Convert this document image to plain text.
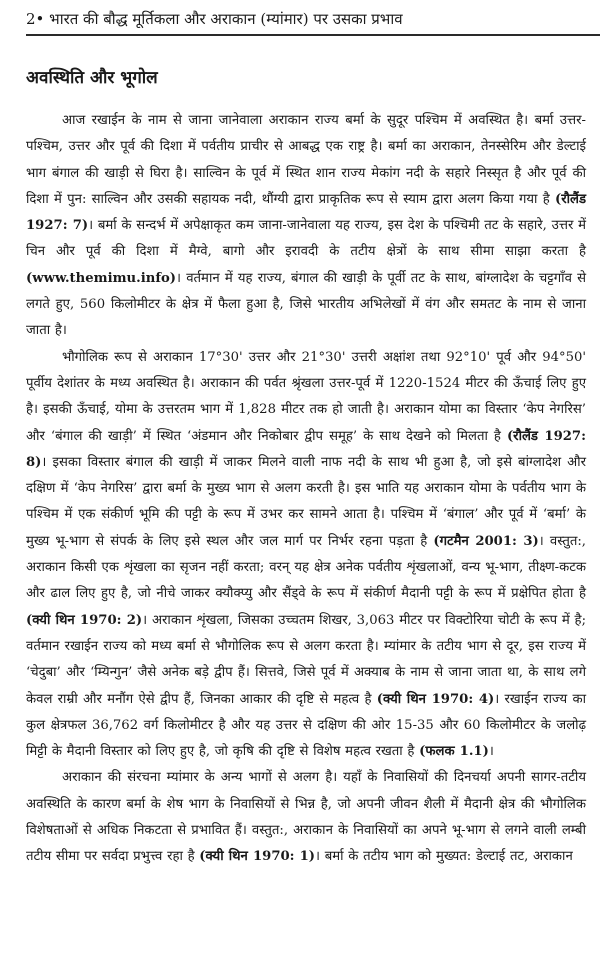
2• भारत की बौद्ध मूर्तिकला और अराकान (म्यांमार) पर उसका प्रभाव
अवस्थिति और भूगोल

आज रखाईन के नाम से जाना जानेवाला अराकान राज्य बर्मा के सुदूर पश्चिम में अवस्थित है। बर्मा उत्तर-पश्चिम, उत्तर और पूर्व की दिशा में पर्वतीय प्राचीर से आबद्ध एक राष्ट्र है। बर्मा का अराकान, तेनस्सेरिम और डेल्टाई भाग बंगाल की खाड़ी से घिरा है। साल्विन के पूर्व में स्थित शान राज्य मेकांग नदी के सहारे निस्सृत है और पूर्व की दिशा में पुन: साल्विन और उसकी सहायक नदी, थौंग्यी द्वारा प्राकृतिक रूप से स्याम द्वारा अलग किया गया है (रौलैंड 1927: 7)। बर्मा के सन्दर्भ में अपेक्षाकृत कम जाना-जानेवाला यह राज्य, इस देश के पश्चिमी तट के सहारे, उत्तर में चिन और पूर्व की दिशा में मैग्वे, बागो और इरावदी के तटीय क्षेत्रों के साथ सीमा साझा करता है (www.themimu.info)। वर्तमान में यह राज्य, बंगाल की खाड़ी के पूर्वी तट के साथ, बांग्लादेश के चट्टगाँव से लगते हुए, 560 किलोमीटर के क्षेत्र में फैला हुआ है, जिसे भारतीय अभिलेखों में वंग और समतट के नाम से जाना जाता है।

भौगोलिक रूप से अराकान 17°30' उत्तर और 21°30' उत्तरी अक्षांश तथा 92°10' पूर्व और 94°50' पूर्वीय देशांतर के मध्य अवस्थित है। अराकान की पर्वत श्रृंखला उत्तर-पूर्व में 1220-1524 मीटर की ऊँचाई लिए हुए है। इसकी ऊँचाई, योमा के उत्तरतम भाग में 1,828 मीटर तक हो जाती है। अराकान योमा का विस्तार ‘केप नेगरिस’ और ‘बंगाल की खाड़ी’ में स्थित ‘अंडमान और निकोबार द्वीप समूह’ के साथ देखने को मिलता है (रौलैंड 1927: 8)। इसका विस्तार बंगाल की खाड़ी में जाकर मिलने वाली नाफ नदी के साथ भी हुआ है, जो इसे बांग्लादेश और दक्षिण में ‘केप नेगरिस’ द्वारा बर्मा के मुख्य भाग से अलग करती है। इस भाति यह अराकान योमा के पर्वतीय भाग के पश्चिम में एक संकीर्ण भूमि की पट्टी के रूप में उभर कर सामने आता है। पश्चिम में ‘बंगाल’ और पूर्व में ‘बर्मा’ के मुख्य भू-भाग से संपर्क के लिए इसे स्थल और जल मार्ग पर निर्भर रहना पड़ता है (गटमैन 2001: 3)। वस्तुत:, अराकान किसी एक शृंखला का सृजन नहीं करता; वरन् यह क्षेत्र अनेक पर्वतीय शृंखलाओं, वन्य भू-भाग, तीक्ष्ण-कटक और ढाल लिए हुए है, जो नीचे जाकर क्यौक्प्यु और सैंड्वे के रूप में संकीर्ण मैदानी पट्टी के रूप में प्रक्षेपित होता है (क्यी थिन 1970: 2)। अराकान शृंखला, जिसका उच्चतम शिखर, 3,063 मीटर पर विक्टोरिया चोटी के रूप में है; वर्तमान रखाईन राज्य को मध्य बर्मा से भौगोलिक रूप से अलग करता है। म्यांमार के तटीय भाग से दूर, इस राज्य में ‘चेदुबा’ और ‘म्यिन्गुन’ जैसे अनेक बड़े द्वीप हैं। सित्तवे, जिसे पूर्व में अक्याब के नाम से जाना जाता था, के साथ लगे केवल राम्री और मनौंग ऐसे द्वीप हैं, जिनका आकार की दृष्टि से महत्व है (क्यी थिन 1970: 4)। रखाईन राज्य का कुल क्षेत्रफल 36,762 वर्ग किलोमीटर है और यह उत्तर से दक्षिण की ओर 15-35 और 60 किलोमीटर के जलोढ़ मिट्टी के मैदानी विस्तार को लिए हुए है, जो कृषि की दृष्टि से विशेष महत्व रखता है (फलक 1.1)।

अराकान की संरचना म्यांमार के अन्य भागों से अलग है। यहाँ के निवासियों की दिनचर्या अपनी सागर-तटीय अवस्थिति के कारण बर्मा के शेष भाग के निवासियों से भिन्न है, जो अपनी जीवन शैली में मैदानी क्षेत्र की भौगोलिक विशेषताओं से अधिक निकटता से प्रभावित हैं। वस्तुत:, अराकान के निवासियों का अपने भू-भाग से लगने वाली लम्बी तटीय सीमा पर सर्वदा प्रभुत्त्व रहा है (क्यी थिन 1970: 1)। बर्मा के तटीय भाग को मुख्यत: डेल्टाई तट, अराकान
